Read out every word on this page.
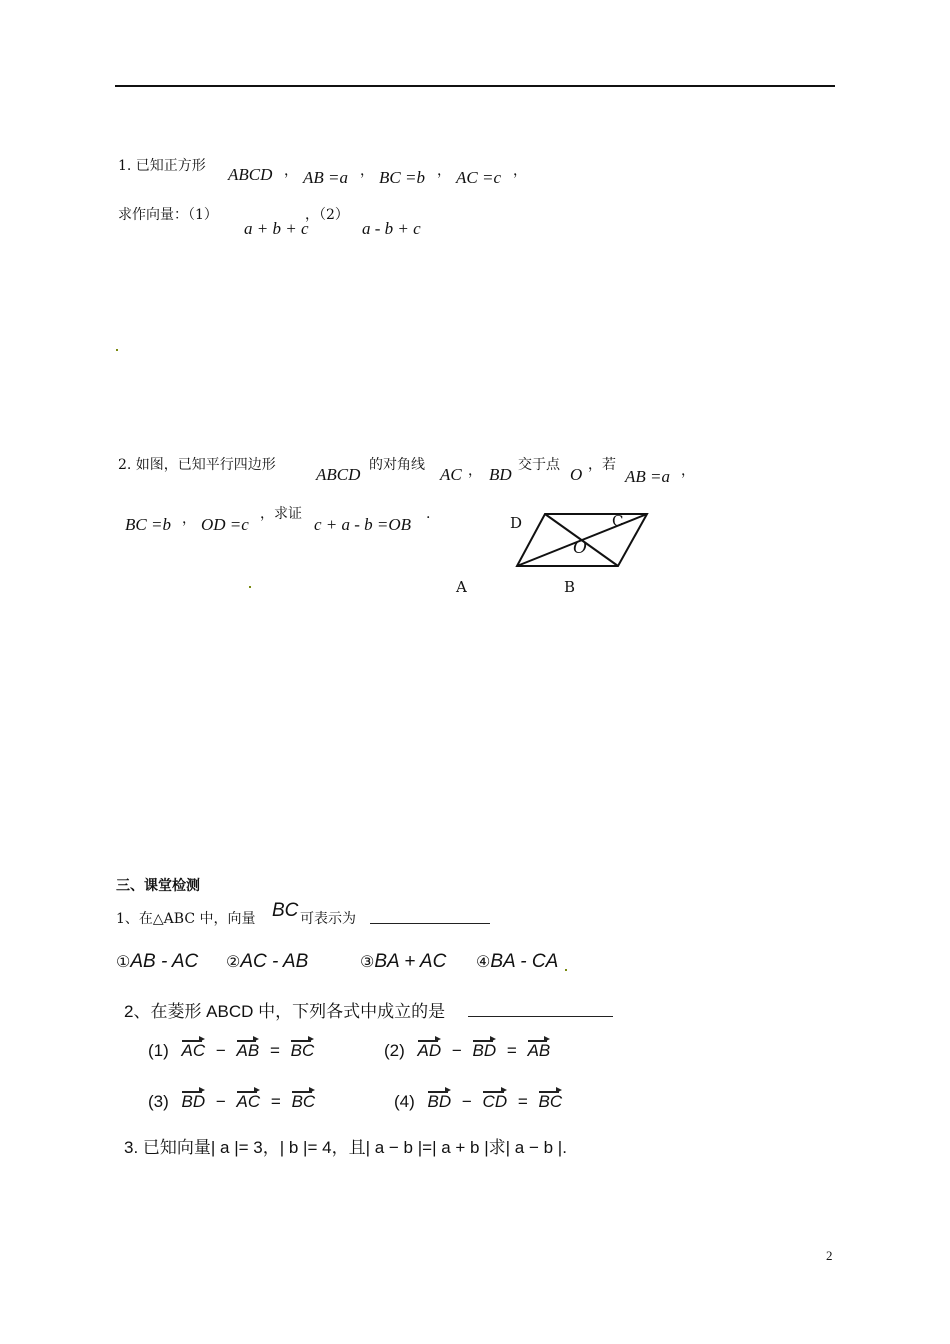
1. 已知正方形 ABCD ， AB =a ， BC =b ， AC =c ，
求作向量：（1）
a + b + c
，（2）
a - b + c
2. 如图，已知平行四边形 ABCD 的对角线 AC ， BD 交于点 O ，若
AB =a ，
BC =b ， OD =c
，求证
c + a - b =OB
.	D	C
O
A	B
三、课堂检测
1、在△ABC 中，向量 BC 可表示为
①AB - AC ②AC - AB	③BA + AC ④BA - CA
2、在菱形 ABCD 中，下列各式中成立的是
(1) AC − AB = BC	(2) AD − BD = AB
(3) BD − AC = BC	(4) BD − CD = BC
3. 已知向量| a |= 3，| b |= 4，且| a − b |=| a + b |求| a − b |.
2
